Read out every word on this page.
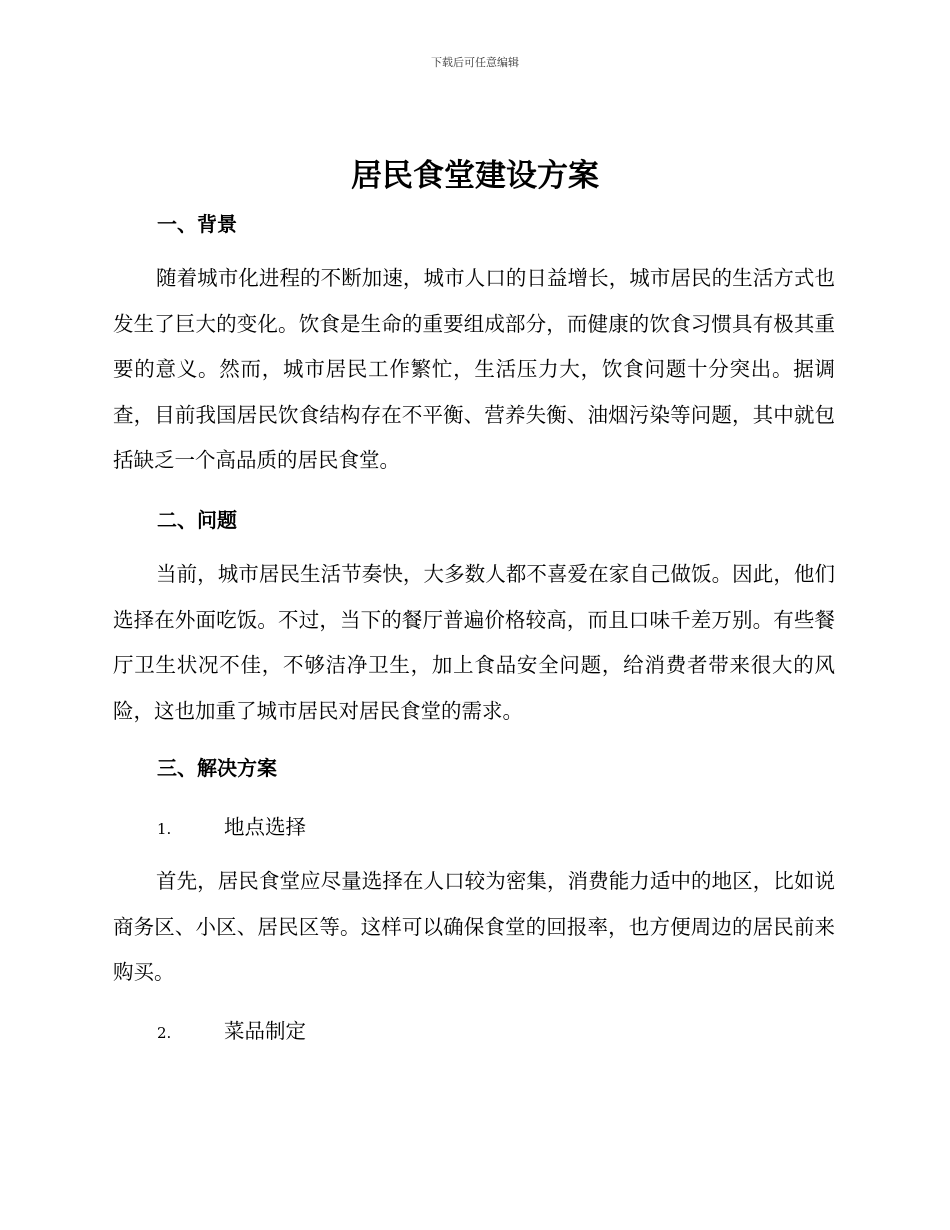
下载后可任意编辑
居民食堂建设方案
一、背景
随着城市化进程的不断加速，城市人口的日益增长，城市居民的生活方式也发生了巨大的变化。饮食是生命的重要组成部分，而健康的饮食习惯具有极其重要的意义。然而，城市居民工作繁忙，生活压力大，饮食问题十分突出。据调查，目前我国居民饮食结构存在不平衡、营养失衡、油烟污染等问题，其中就包括缺乏一个高品质的居民食堂。
二、问题
当前，城市居民生活节奏快，大多数人都不喜爱在家自己做饭。因此，他们选择在外面吃饭。不过，当下的餐厅普遍价格较高，而且口味千差万别。有些餐厅卫生状况不佳，不够洁净卫生，加上食品安全问题，给消费者带来很大的风险，这也加重了城市居民对居民食堂的需求。
三、解决方案
1.	地点选择
首先，居民食堂应尽量选择在人口较为密集，消费能力适中的地区，比如说商务区、小区、居民区等。这样可以确保食堂的回报率，也方便周边的居民前来购买。
2.	菜品制定
